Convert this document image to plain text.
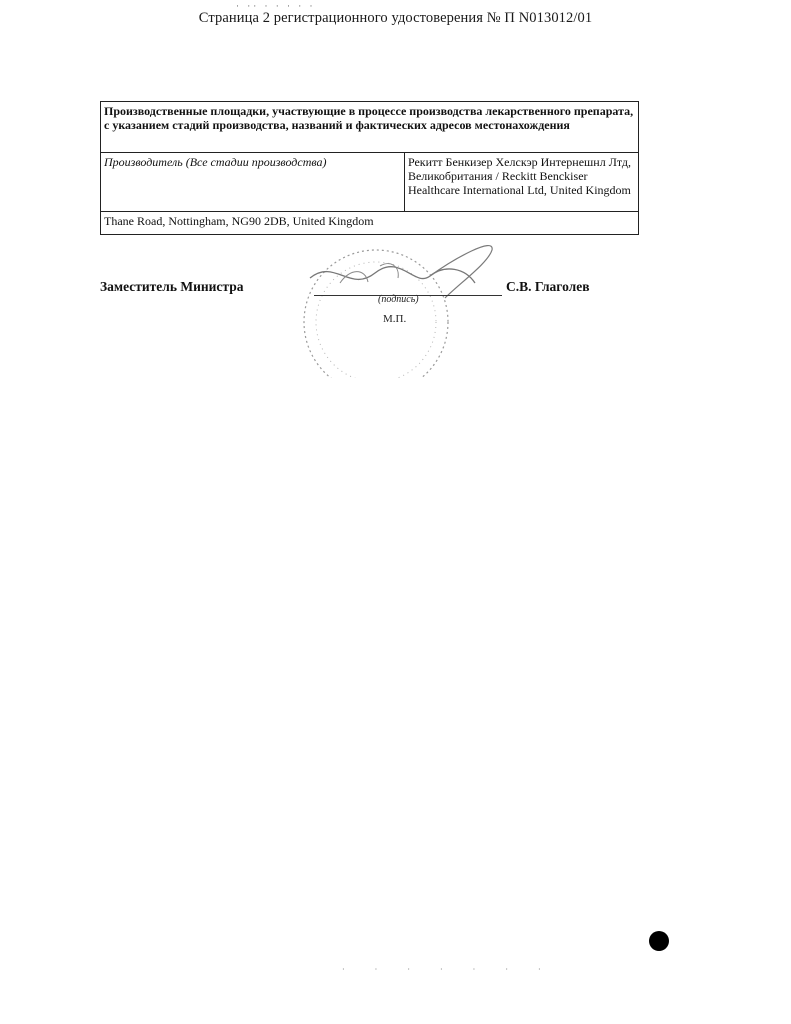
· ·· · · · · ·
Страница 2 регистрационного удостоверения № П N013012/01
Производственные площадки, участвующие в процессе производства лекарственного препарата, с указанием стадий производства, названий и фактических адресов местонахождения
Производитель (Все стадии производства)	Рекитт Бенкизер Хелскэр Интернешнл Лтд, Великобритания / Reckitt Benckiser Healthcare International Ltd, United Kingdom
Thane Road, Nottingham, NG90 2DB, United Kingdom
Заместитель Министра	С.В. Глаголев
(подпись)
М.П.
· · · · · · ·
